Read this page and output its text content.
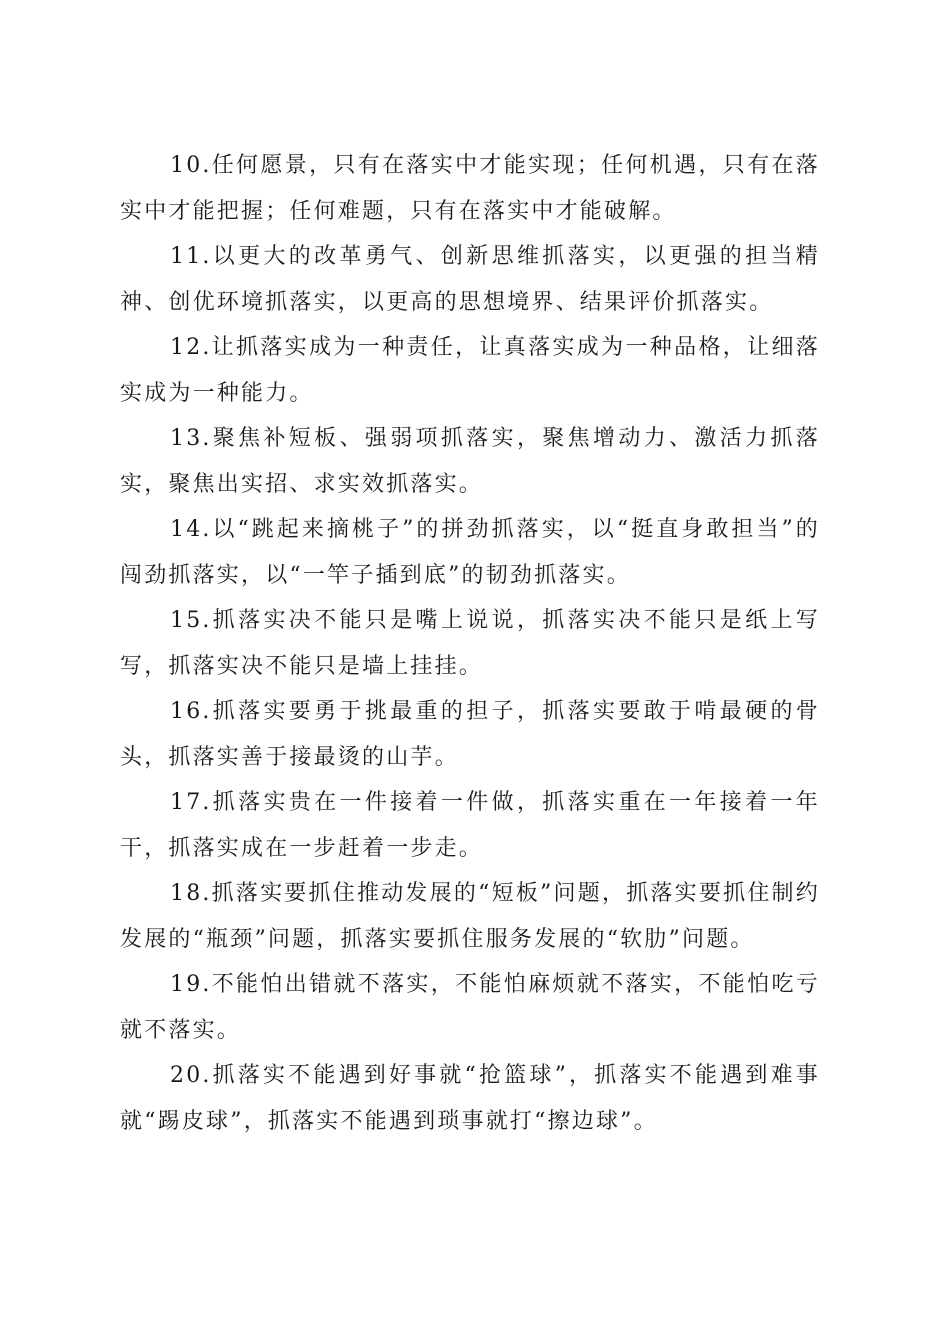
10.任何愿景，只有在落实中才能实现；任何机遇，只有在落实中才能把握；任何难题，只有在落实中才能破解。

11.以更大的改革勇气、创新思维抓落实，以更强的担当精神、创优环境抓落实，以更高的思想境界、结果评价抓落实。

12.让抓落实成为一种责任，让真落实成为一种品格，让细落实成为一种能力。

13.聚焦补短板、强弱项抓落实，聚焦增动力、激活力抓落实，聚焦出实招、求实效抓落实。

14.以“跳起来摘桃子”的拼劲抓落实，以“挺直身敢担当”的闯劲抓落实，以“一竿子插到底”的韧劲抓落实。

15.抓落实决不能只是嘴上说说，抓落实决不能只是纸上写写，抓落实决不能只是墙上挂挂。

16.抓落实要勇于挑最重的担子，抓落实要敢于啃最硬的骨头，抓落实善于接最烫的山芋。

17.抓落实贵在一件接着一件做，抓落实重在一年接着一年干，抓落实成在一步赶着一步走。

18.抓落实要抓住推动发展的“短板”问题，抓落实要抓住制约发展的“瓶颈”问题，抓落实要抓住服务发展的“软肋”问题。

19.不能怕出错就不落实，不能怕麻烦就不落实，不能怕吃亏就不落实。

20.抓落实不能遇到好事就“抢篮球”，抓落实不能遇到难事就“踢皮球”，抓落实不能遇到琐事就打“擦边球”。
